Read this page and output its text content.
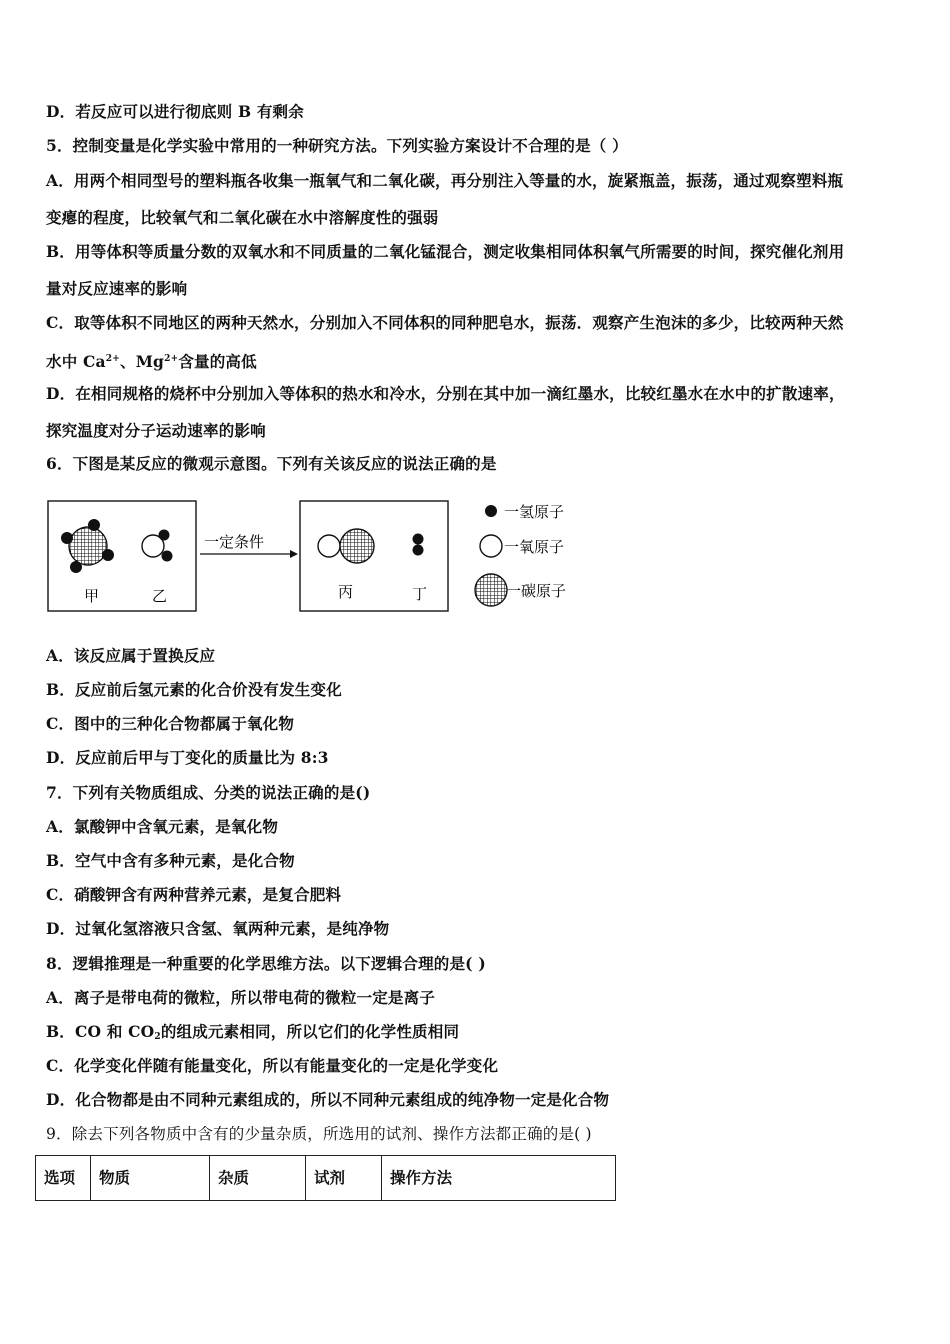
D．若反应可以进行彻底则 B 有剩余
5．控制变量是化学实验中常用的一种研究方法。下列实验方案设计不合理的是（ ）
A．用两个相同型号的塑料瓶各收集一瓶氧气和二氧化碳，再分别注入等量的水，旋紧瓶盖，振荡，通过观察塑料瓶
变瘪的程度，比较氧气和二氧化碳在水中溶解度性的强弱
B．用等体积等质量分数的双氧水和不同质量的二氧化锰混合，测定收集相同体积氧气所需要的时间，探究催化剂用
量对反应速率的影响
C．取等体积不同地区的两种天然水，分别加入不同体积的同种肥皂水，振荡．观察产生泡沫的多少，比较两种天然
水中 $Ca^{2+}$、$Mg^{2+}$含量的高低
D．在相同规格的烧杯中分别加入等体积的热水和冷水，分别在其中加一滴红墨水，比较红墨水在水中的扩散速率，
探究温度对分子运动速率的影响
6．下图是某反应的微观示意图。下列有关该反应的说法正确的是
甲	乙
一定条件
丙	丁
一氢原子
一氧原子
一碳原子
A．该反应属于置换反应
B．反应前后氢元素的化合价没有发生变化
C．图中的三种化合物都属于氧化物
D．反应前后甲与丁变化的质量比为 8:3
7．下列有关物质组成、分类的说法正确的是()
A．氯酸钾中含氧元素，是氧化物
B．空气中含有多种元素，是化合物
C．硝酸钾含有两种营养元素，是复合肥料
D．过氧化氢溶液只含氢、氧两种元素，是纯净物
8．逻辑推理是一种重要的化学思维方法。以下逻辑合理的是( )
A．离子是带电荷的微粒，所以带电荷的微粒一定是离子
B．CO 和 $CO_2$的组成元素相同，所以它们的化学性质相同
C．化学变化伴随有能量变化，所以有能量变化的一定是化学变化
D．化合物都是由不同种元素组成的，所以不同种元素组成的纯净物一定是化合物
9．除去下列各物质中含有的少量杂质，所选用的试剂、操作方法都正确的是( )
选项	物质	杂质	试剂	操作方法
